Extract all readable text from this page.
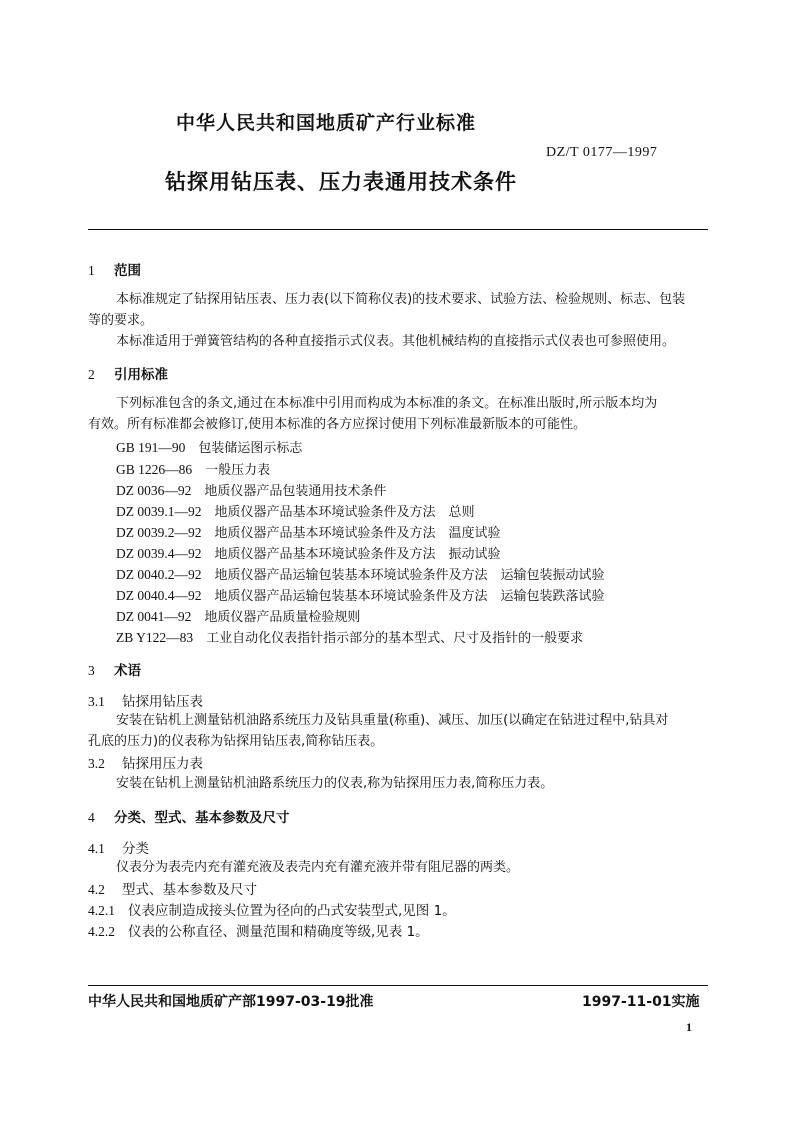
中华人民共和国地质矿产行业标准
DZ/T 0177—1997
钻探用钻压表、压力表通用技术条件
1 范围
本标准规定了钻探用钻压表、压力表(以下简称仪表)的技术要求、试验方法、检验规则、标志、包装
等的要求。
本标准适用于弹簧管结构的各种直接指示式仪表。其他机械结构的直接指示式仪表也可参照使用。
2 引用标准
下列标准包含的条文,通过在本标准中引用而构成为本标准的条文。在标准出版时,所示版本均为
有效。所有标准都会被修订,使用本标准的各方应探讨使用下列标准最新版本的可能性。
GB 191—90　 包装储运图示标志
GB 1226—86　 一般压力表
DZ 0036—92　 地质仪器产品包装通用技术条件
DZ 0039.1—92　 地质仪器产品基本环境试验条件及方法　总则
DZ 0039.2—92　 地质仪器产品基本环境试验条件及方法　温度试验
DZ 0039.4—92　 地质仪器产品基本环境试验条件及方法　振动试验
DZ 0040.2—92　 地质仪器产品运输包装基本环境试验条件及方法　运输包装振动试验
DZ 0040.4—92　 地质仪器产品运输包装基本环境试验条件及方法　运输包装跌落试验
DZ 0041—92　 地质仪器产品质量检验规则
ZB Y122—83　 工业自动化仪表指针指示部分的基本型式、尺寸及指针的一般要求
3 术语
3.1 钻探用钻压表
安装在钻机上测量钻机油路系统压力及钻具重量(称重)、减压、加压(以确定在钻进过程中,钻具对
孔底的压力)的仪表称为钻探用钻压表,简称钻压表。
3.2 钻探用压力表
安装在钻机上测量钻机油路系统压力的仪表,称为钻探用压力表,简称压力表。
4 分类、型式、基本参数及尺寸
4.1 分类
仪表分为表壳内充有灌充液及表壳内充有灌充液并带有阻尼器的两类。
4.2 型式、基本参数及尺寸
4.2.1 仪表应制造成接头位置为径向的凸式安装型式,见图 1。
4.2.2 仪表的公称直径、测量范围和精确度等级,见表 1。
中华人民共和国地质矿产部1997-03-19批准	1997-11-01实施
1
